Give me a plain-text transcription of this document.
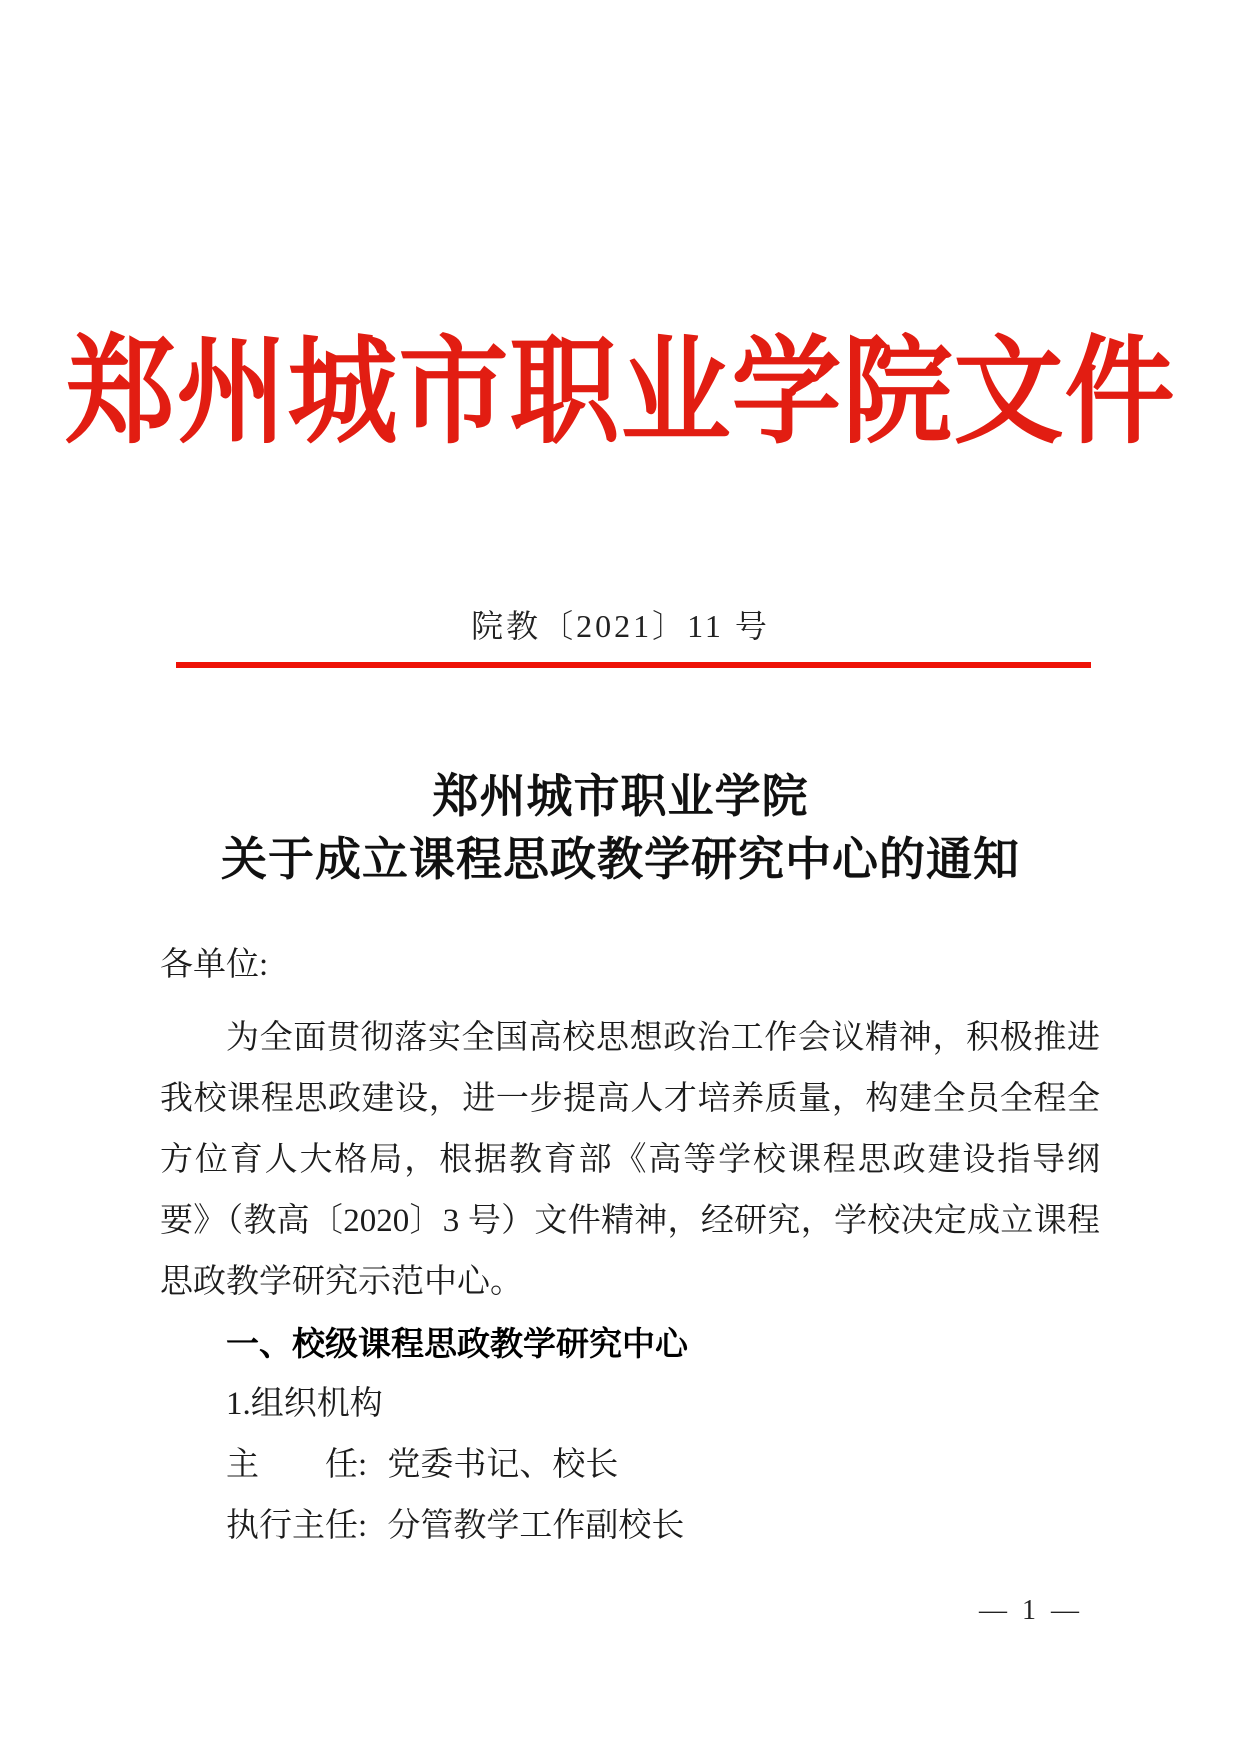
郑州城市职业学院文件
院教〔2021〕11 号
郑州城市职业学院
关于成立课程思政教学研究中心的通知

各单位:

为全面贯彻落实全国高校思想政治工作会议精神，积极推进我校课程思政建设，进一步提高人才培养质量，构建全员全程全方位育人大格局，根据教育部《高等学校课程思政建设指导纲要》（教高〔2020〕3 号）文件精神，经研究，学校决定成立课程思政教学研究示范中心。

一、校级课程思政教学研究中心

1.组织机构

主　　任: 党委书记、校长

执行主任: 分管教学工作副校长

— 1 —
